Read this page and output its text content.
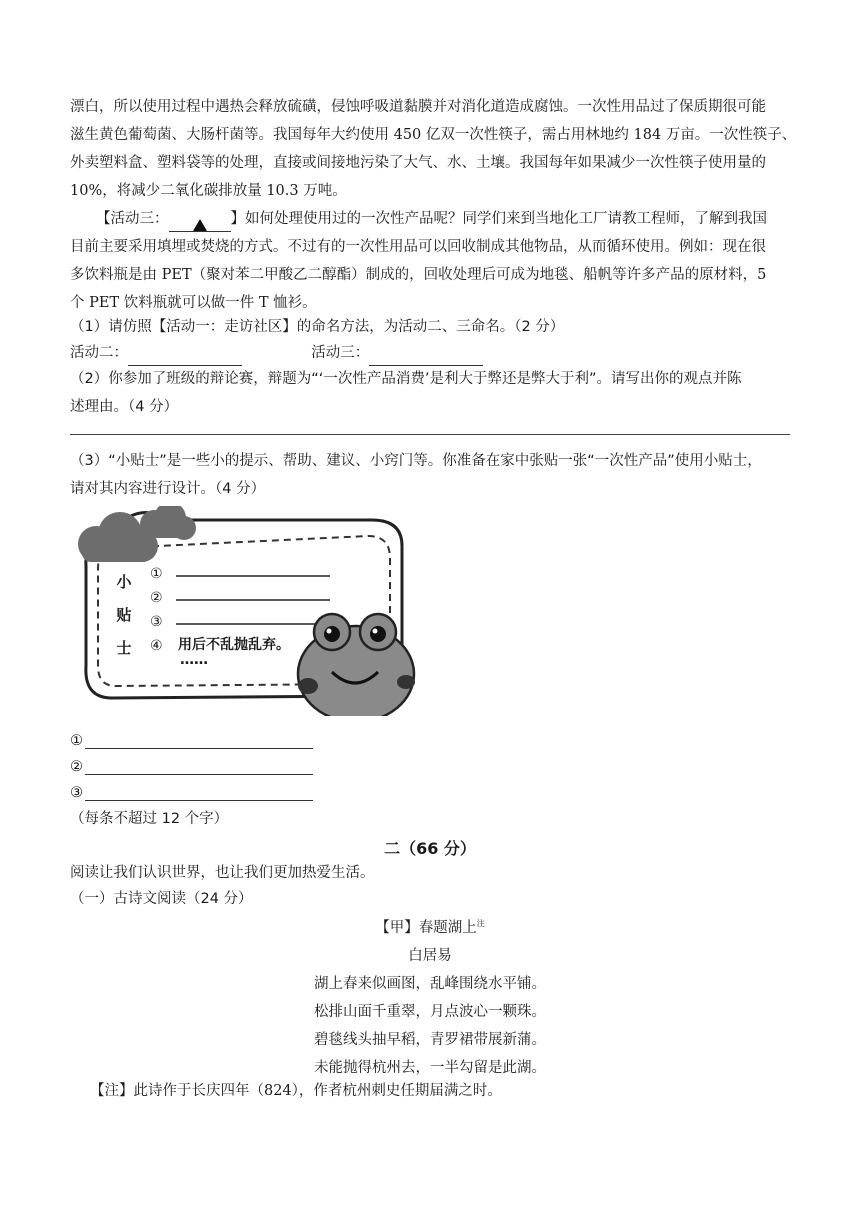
漂白，所以使用过程中遇热会释放硫磺，侵蚀呼吸道黏膜并对消化道造成腐蚀。一次性用品过了保质期很可能
滋生黄色葡萄菌、大肠杆菌等。我国每年大约使用 450 亿双一次性筷子，需占用林地约 184 万亩。一次性筷子、
外卖塑料盒、塑料袋等的处理，直接或间接地污染了大气、水、土壤。我国每年如果减少一次性筷子使用量的
10%，将减少二氧化碳排放量 10.3 万吨。
【活动三：	】如何处理使用过的一次性产品呢？同学们来到当地化工厂请教工程师，了解到我国
目前主要采用填埋或焚烧的方式。不过有的一次性用品可以回收制成其他物品，从而循环使用。例如：现在很
多饮料瓶是由 PET（聚对苯二甲酸乙二醇酯）制成的，回收处理后可成为地毯、船帆等许多产品的原材料，5
个 PET 饮料瓶就可以做一件 T 恤衫。
（1）请仿照【活动一：走访社区】的命名方法，为活动二、三命名。（2 分）
活动二：	活动三：
（2）你参加了班级的辩论赛，辩题为“‘一次性产品消费’是利大于弊还是弊大于利”。请写出你的观点并陈
述理由。（4 分）
（3）“小贴士”是一些小的提示、帮助、建议、小窍门等。你准备在家中张贴一张“一次性产品”使用小贴士，
请对其内容进行设计。（4 分）
小
贴
士
①
②
③
④ 用后不乱抛乱弃。
……
①
②
③
（每条不超过 12 个字）
二（66 分）
阅读让我们认识世界，也让我们更加热爱生活。
（一）古诗文阅读（24 分）
【甲】春题湖上$^注$
白居易
湖上春来似画图，乱峰围绕水平铺。
松排山面千重翠，月点波心一颗珠。
碧毯线头抽早稻，青罗裙带展新蒲。
未能抛得杭州去，一半勾留是此湖。
【注】此诗作于长庆四年（824），作者杭州刺史任期届满之时。
